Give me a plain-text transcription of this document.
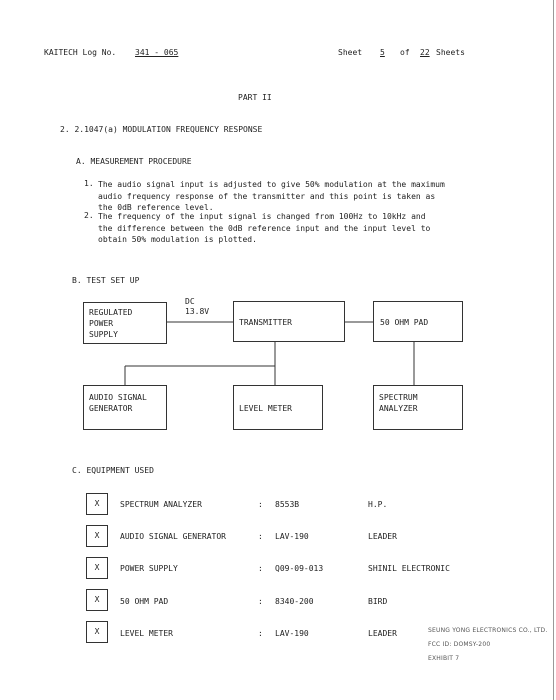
KAITECH Log No. 341 - 065	Sheet 5 of 22 Sheets
PART II
2. 2.1047(a) MODULATION FREQUENCY RESPONSE
A. MEASUREMENT PROCEDURE
1. The audio signal input is adjusted to give 50% modulation at the maximum
audio frequency response of the transmitter and this point is taken as
the 0dB reference level.
2. The frequency of the input signal is changed from 100Hz to 10kHz and
the difference between the 0dB reference input and the input level to
obtain 50% modulation is plotted.
B. TEST SET UP
DC
13.8V
REGULATED
POWER
SUPPLY
TRANSMITTER	50 OHM PAD
AUDIO SIGNAL
GENERATOR	LEVEL METER
SPECTRUM
ANALYZER
C. EQUIPMENT USED
X	SPECTRUM ANALYZER	: 8553B	H.P.
X	AUDIO SIGNAL GENERATOR	: LAV-190	LEADER
X	POWER SUPPLY	: Q09-09-013	SHINIL ELECTRONIC
X	50 OHM PAD	: 8340-200	BIRD
X	LEVEL METER	: LAV-190	LEADER	SEUNG YONG ELECTRONICS CO., LTD.

FCC ID: DOMSY-200

EXHIBIT 7
